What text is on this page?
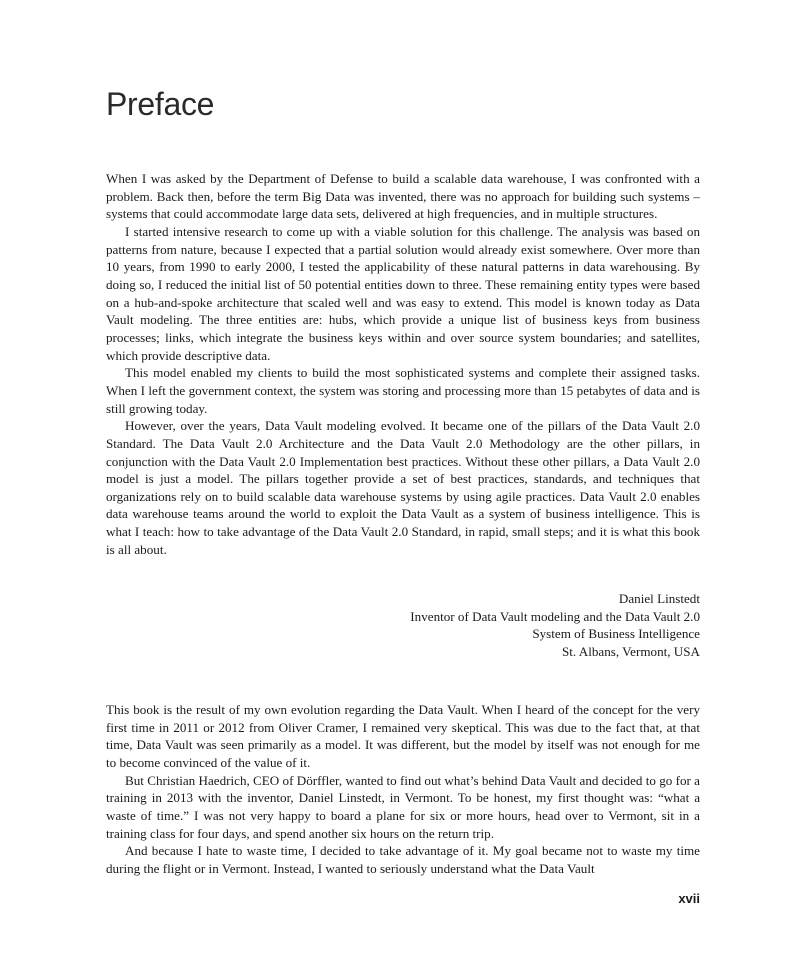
Preface

When I was asked by the Department of Defense to build a scalable data warehouse, I was confronted with a problem. Back then, before the term Big Data was invented, there was no approach for building such systems – systems that could accommodate large data sets, delivered at high frequencies, and in multiple structures.

I started intensive research to come up with a viable solution for this challenge. The analysis was based on patterns from nature, because I expected that a partial solution would already exist somewhere. Over more than 10 years, from 1990 to early 2000, I tested the applicability of these natural patterns in data warehousing. By doing so, I reduced the initial list of 50 potential entities down to three. These remaining entity types were based on a hub-and-spoke architecture that scaled well and was easy to extend. This model is known today as Data Vault modeling. The three entities are: hubs, which provide a unique list of business keys from business processes; links, which integrate the business keys within and over source system boundaries; and satellites, which provide descriptive data.

This model enabled my clients to build the most sophisticated systems and complete their assigned tasks. When I left the government context, the system was storing and processing more than 15 petabytes of data and is still growing today.

However, over the years, Data Vault modeling evolved. It became one of the pillars of the Data Vault 2.0 Standard. The Data Vault 2.0 Architecture and the Data Vault 2.0 Methodology are the other pillars, in conjunction with the Data Vault 2.0 Implementation best practices. Without these other pillars, a Data Vault 2.0 model is just a model. The pillars together provide a set of best practices, standards, and techniques that organizations rely on to build scalable data warehouse systems by using agile practices. Data Vault 2.0 enables data warehouse teams around the world to exploit the Data Vault as a system of business intelligence. This is what I teach: how to take advantage of the Data Vault 2.0 Standard, in rapid, small steps; and it is what this book is all about.

Daniel Linstedt
Inventor of Data Vault modeling and the Data Vault 2.0
System of Business Intelligence
St. Albans, Vermont, USA

This book is the result of my own evolution regarding the Data Vault. When I heard of the concept for the very first time in 2011 or 2012 from Oliver Cramer, I remained very skeptical. This was due to the fact that, at that time, Data Vault was seen primarily as a model. It was different, but the model by itself was not enough for me to become convinced of the value of it.

But Christian Haedrich, CEO of Dörffler, wanted to find out what’s behind Data Vault and decided to go for a training in 2013 with the inventor, Daniel Linstedt, in Vermont. To be honest, my first thought was: “what a waste of time.” I was not very happy to board a plane for six or more hours, head over to Vermont, sit in a training class for four days, and spend another six hours on the return trip.

And because I hate to waste time, I decided to take advantage of it. My goal became not to waste my time during the flight or in Vermont. Instead, I wanted to seriously understand what the Data Vault

xvii
